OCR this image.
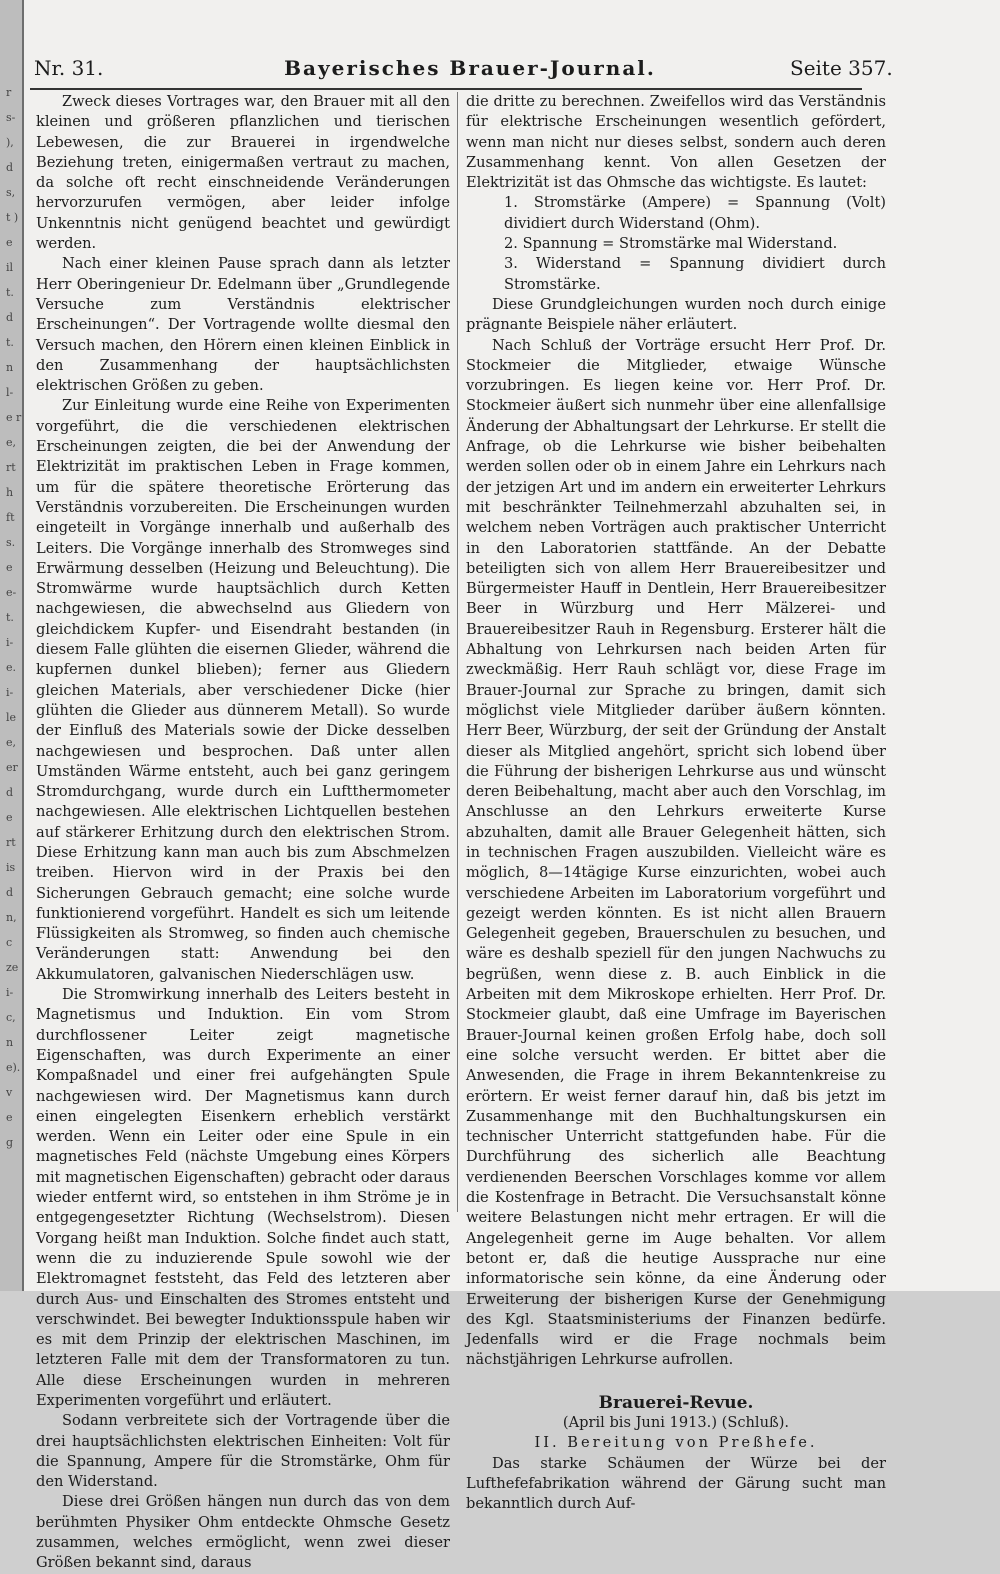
r s- ), d s, t ) e il t. d t. n l- e r e, rt h ft s. e e- t. i- e. i- le e, er d e rt is d n, c ze i- c, n e). v e g
Nr. 31.	Bayerisches Brauer-Journal.	Seite 357.

Zweck dieses Vortrages war, den Brauer mit all den kleinen und größeren pflanzlichen und tierischen Lebewesen, die zur Brauerei in irgendwelche Beziehung treten, einigermaßen vertraut zu machen, da solche oft recht einschneidende Veränderungen hervorzurufen vermögen, aber leider infolge Unkenntnis nicht genügend beachtet und gewürdigt werden.

Nach einer kleinen Pause sprach dann als letzter Herr Oberingenieur Dr. Edelmann über „Grundlegende Versuche zum Verständnis elektrischer Erscheinungen“. Der Vortragende wollte diesmal den Versuch machen, den Hörern einen kleinen Einblick in den Zusammenhang der hauptsächlichsten elektrischen Größen zu geben.

Zur Einleitung wurde eine Reihe von Experimenten vorgeführt, die die verschiedenen elektrischen Erscheinungen zeigten, die bei der Anwendung der Elektrizität im praktischen Leben in Frage kommen, um für die spätere theoretische Erörterung das Verständnis vorzubereiten. Die Erscheinungen wurden eingeteilt in Vorgänge innerhalb und außerhalb des Leiters. Die Vorgänge innerhalb des Stromweges sind Erwärmung desselben (Heizung und Beleuchtung). Die Stromwärme wurde hauptsächlich durch Ketten nachgewiesen, die abwechselnd aus Gliedern von gleichdickem Kupfer- und Eisendraht bestanden (in diesem Falle glühten die eisernen Glieder, während die kupfernen dunkel blieben); ferner aus Gliedern gleichen Materials, aber verschiedener Dicke (hier glühten die Glieder aus dünnerem Metall). So wurde der Einfluß des Materials sowie der Dicke desselben nachgewiesen und besprochen. Daß unter allen Umständen Wärme entsteht, auch bei ganz geringem Stromdurchgang, wurde durch ein Luftthermometer nachgewiesen. Alle elektrischen Lichtquellen bestehen auf stärkerer Erhitzung durch den elektrischen Strom. Diese Erhitzung kann man auch bis zum Abschmelzen treiben. Hiervon wird in der Praxis bei den Sicherungen Gebrauch gemacht; eine solche wurde funktionierend vorgeführt. Handelt es sich um leitende Flüssigkeiten als Stromweg, so finden auch chemische Veränderungen statt: Anwendung bei den Akkumulatoren, galvanischen Niederschlägen usw.

Die Stromwirkung innerhalb des Leiters besteht in Magnetismus und Induktion. Ein vom Strom durchflossener Leiter zeigt magnetische Eigenschaften, was durch Experimente an einer Kompaßnadel und einer frei aufgehängten Spule nachgewiesen wird. Der Magnetismus kann durch einen eingelegten Eisenkern erheblich verstärkt werden. Wenn ein Leiter oder eine Spule in ein magnetisches Feld (nächste Umgebung eines Körpers mit magnetischen Eigenschaften) gebracht oder daraus wieder entfernt wird, so entstehen in ihm Ströme je in entgegengesetzter Richtung (Wechselstrom). Diesen Vorgang heißt man Induktion. Solche findet auch statt, wenn die zu induzierende Spule sowohl wie der Elektromagnet feststeht, das Feld des letzteren aber durch Aus- und Einschalten des Stromes entsteht und verschwindet. Bei bewegter Induktionsspule haben wir es mit dem Prinzip der elektrischen Maschinen, im letzteren Falle mit dem der Transformatoren zu tun. Alle diese Erscheinungen wurden in mehreren Experimenten vorgeführt und erläutert.

Sodann verbreitete sich der Vortragende über die drei hauptsächlichsten elektrischen Einheiten: Volt für die Spannung, Ampere für die Stromstärke, Ohm für den Widerstand.

Diese drei Größen hängen nun durch das von dem berühmten Physiker Ohm entdeckte Ohmsche Gesetz zusammen, welches ermöglicht, wenn zwei dieser Größen bekannt sind, daraus

die dritte zu berechnen. Zweifellos wird das Verständnis für elektrische Erscheinungen wesentlich gefördert, wenn man nicht nur dieses selbst, sondern auch deren Zusammenhang kennt. Von allen Gesetzen der Elektrizität ist das Ohmsche das wichtigste. Es lautet:

1. Stromstärke (Ampere) = Spannung (Volt) dividiert durch Widerstand (Ohm).

2. Spannung = Stromstärke mal Widerstand.

3. Widerstand = Spannung dividiert durch Stromstärke.

Diese Grundgleichungen wurden noch durch einige prägnante Beispiele näher erläutert.

Nach Schluß der Vorträge ersucht Herr Prof. Dr. Stockmeier die Mitglieder, etwaige Wünsche vorzubringen. Es liegen keine vor. Herr Prof. Dr. Stockmeier äußert sich nunmehr über eine allenfallsige Änderung der Abhaltungsart der Lehrkurse. Er stellt die Anfrage, ob die Lehrkurse wie bisher beibehalten werden sollen oder ob in einem Jahre ein Lehrkurs nach der jetzigen Art und im andern ein erweiterter Lehrkurs mit beschränkter Teilnehmerzahl abzuhalten sei, in welchem neben Vorträgen auch praktischer Unterricht in den Laboratorien stattfände. An der Debatte beteiligten sich von allem Herr Brauereibesitzer und Bürgermeister Hauff in Dentlein, Herr Brauereibesitzer Beer in Würzburg und Herr Mälzerei- und Brauereibesitzer Rauh in Regensburg. Ersterer hält die Abhaltung von Lehrkursen nach beiden Arten für zweckmäßig. Herr Rauh schlägt vor, diese Frage im Brauer-Journal zur Sprache zu bringen, damit sich möglichst viele Mitglieder darüber äußern könnten. Herr Beer, Würzburg, der seit der Gründung der Anstalt dieser als Mitglied angehört, spricht sich lobend über die Führung der bisherigen Lehrkurse aus und wünscht deren Beibehaltung, macht aber auch den Vorschlag, im Anschlusse an den Lehrkurs erweiterte Kurse abzuhalten, damit alle Brauer Gelegenheit hätten, sich in technischen Fragen auszubilden. Vielleicht wäre es möglich, 8—14tägige Kurse einzurichten, wobei auch verschiedene Arbeiten im Laboratorium vorgeführt und gezeigt werden könnten. Es ist nicht allen Brauern Gelegenheit gegeben, Brauerschulen zu besuchen, und wäre es deshalb speziell für den jungen Nachwuchs zu begrüßen, wenn diese z. B. auch Einblick in die Arbeiten mit dem Mikroskope erhielten. Herr Prof. Dr. Stockmeier glaubt, daß eine Umfrage im Bayerischen Brauer-Journal keinen großen Erfolg habe, doch soll eine solche versucht werden. Er bittet aber die Anwesenden, die Frage in ihrem Bekanntenkreise zu erörtern. Er weist ferner darauf hin, daß bis jetzt im Zusammenhange mit den Buchhaltungskursen ein technischer Unterricht stattgefunden habe. Für die Durchführung des sicherlich alle Beachtung verdienenden Beerschen Vorschlages komme vor allem die Kostenfrage in Betracht. Die Versuchsanstalt könne weitere Belastungen nicht mehr ertragen. Er will die Angelegenheit gerne im Auge behalten. Vor allem betont er, daß die heutige Aussprache nur eine informatorische sein könne, da eine Änderung oder Erweiterung der bisherigen Kurse der Genehmigung des Kgl. Staatsministeriums der Finanzen bedürfe. Jedenfalls wird er die Frage nochmals beim nächstjährigen Lehrkurse aufrollen.

Brauerei-Revue.

(April bis Juni 1913.) (Schluß).

II. Bereitung von Preßhefe.

Das starke Schäumen der Würze bei der Lufthefefabrikation während der Gärung sucht man bekanntlich durch Auf-
